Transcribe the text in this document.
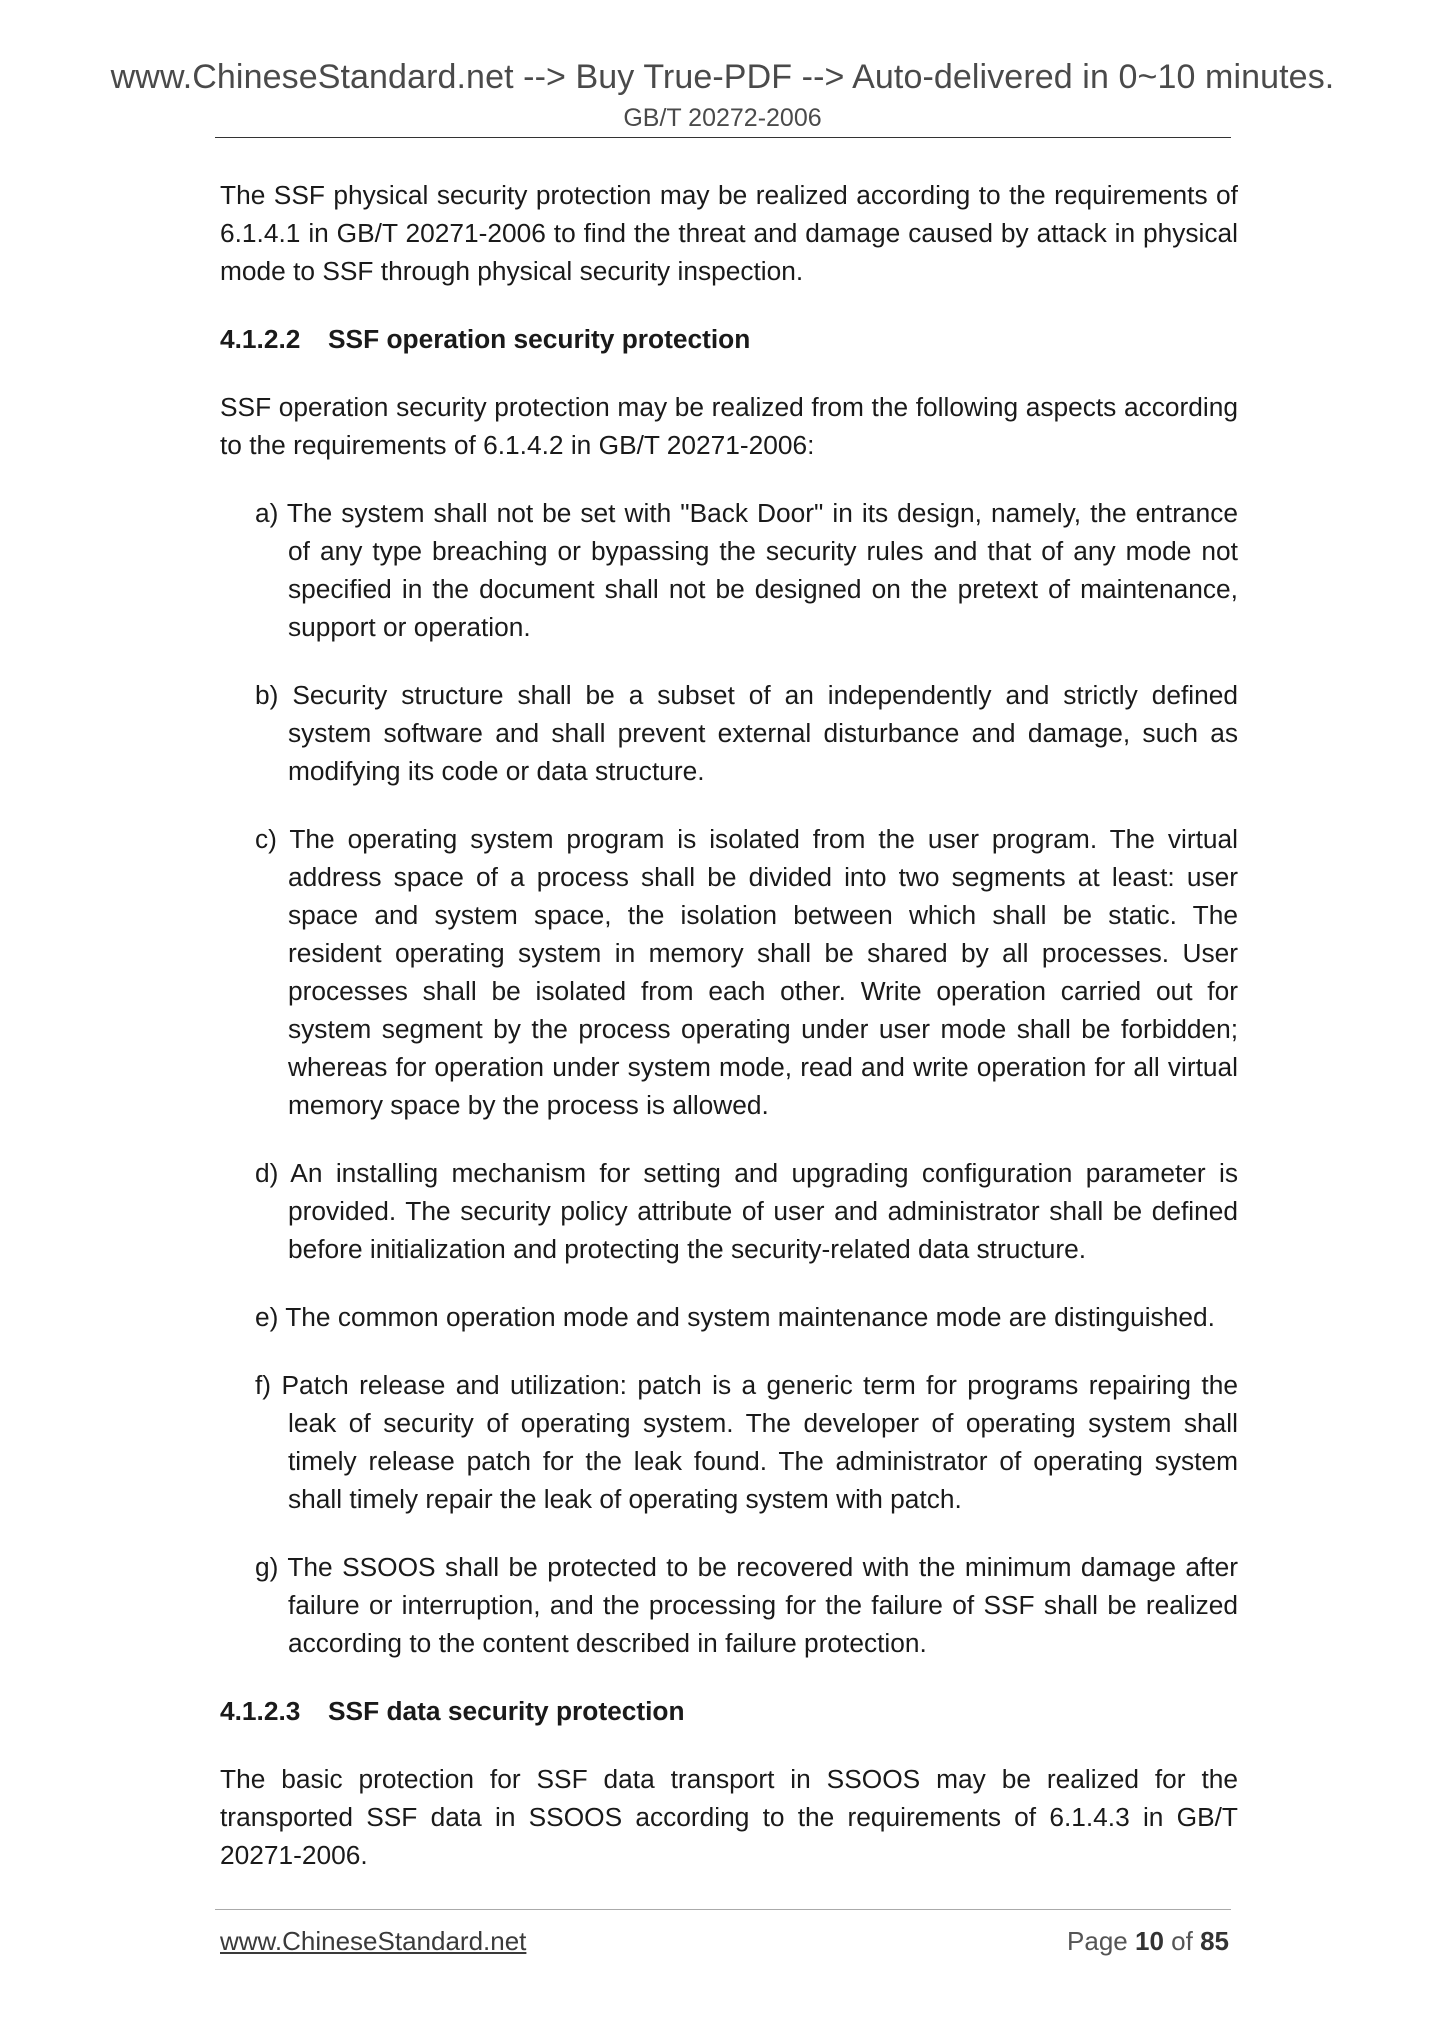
www.ChineseStandard.net --> Buy True-PDF --> Auto-delivered in 0~10 minutes.
GB/T 20272-2006

The SSF physical security protection may be realized according to the requirements of 6.1.4.1 in GB/T 20271-2006 to find the threat and damage caused by attack in physical mode to SSF through physical security inspection.

4.1.2.2 SSF operation security protection

SSF operation security protection may be realized from the following aspects according to the requirements of 6.1.4.2 in GB/T 20271-2006:

a) The system shall not be set with "Back Door" in its design, namely, the entrance of any type breaching or bypassing the security rules and that of any mode not specified in the document shall not be designed on the pretext of maintenance, support or operation.

b) Security structure shall be a subset of an independently and strictly defined system software and shall prevent external disturbance and damage, such as modifying its code or data structure.

c) The operating system program is isolated from the user program. The virtual address space of a process shall be divided into two segments at least: user space and system space, the isolation between which shall be static. The resident operating system in memory shall be shared by all processes. User processes shall be isolated from each other. Write operation carried out for system segment by the process operating under user mode shall be forbidden; whereas for operation under system mode, read and write operation for all virtual memory space by the process is allowed.

d) An installing mechanism for setting and upgrading configuration parameter is provided. The security policy attribute of user and administrator shall be defined before initialization and protecting the security-related data structure.

e) The common operation mode and system maintenance mode are distinguished.

f) Patch release and utilization: patch is a generic term for programs repairing the leak of security of operating system. The developer of operating system shall timely release patch for the leak found. The administrator of operating system shall timely repair the leak of operating system with patch.

g) The SSOOS shall be protected to be recovered with the minimum damage after failure or interruption, and the processing for the failure of SSF shall be realized according to the content described in failure protection.

4.1.2.3 SSF data security protection

The basic protection for SSF data transport in SSOOS may be realized for the transported SSF data in SSOOS according to the requirements of 6.1.4.3 in GB/T 20271-2006.

www.ChineseStandard.net	Page 10 of 85
